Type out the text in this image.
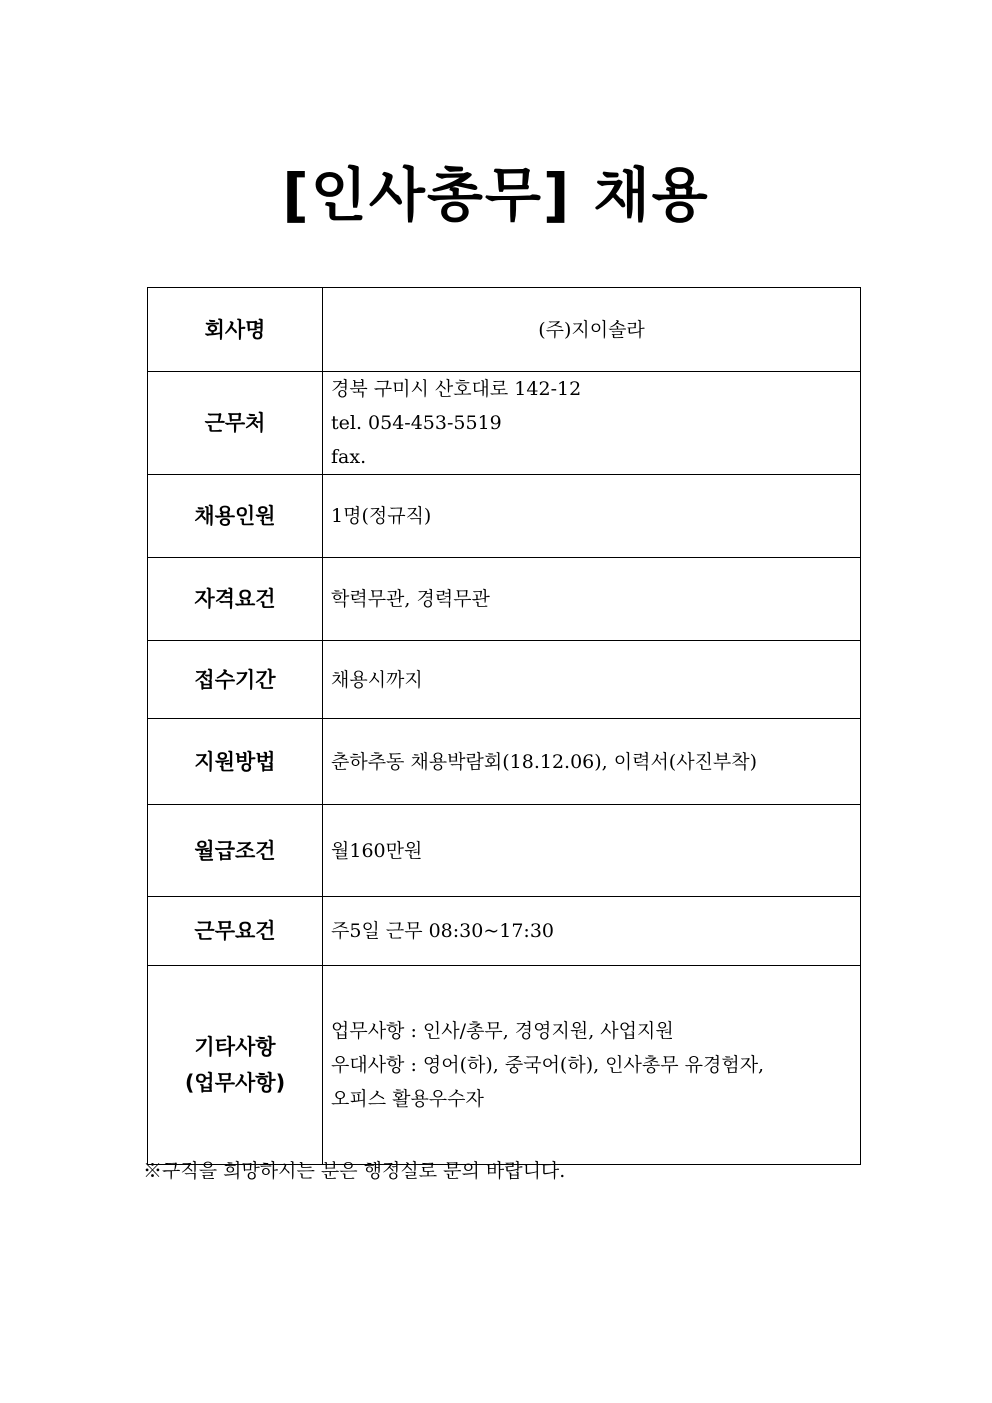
[인사총무] 채용
회사명	(주)지이솔라

근무처	경북 구미시 산호대로 142-12
tel. 054-453-5519
fax.

채용인원	1명(정규직)

자격요건	학력무관, 경력무관

접수기간	채용시까지

지원방법	춘하추동 채용박람회(18.12.06), 이력서(사진부착)

월급조건	월160만원

근무요건	주5일 근무 08:30~17:30

기타사항
(업무사항)	업무사항 : 인사/총무, 경영지원, 사업지원
우대사항 : 영어(하), 중국어(하), 인사총무 유경험자,
오피스 활용우수자
※구직을 희망하시는 분은 행정실로 문의 바랍니다.
